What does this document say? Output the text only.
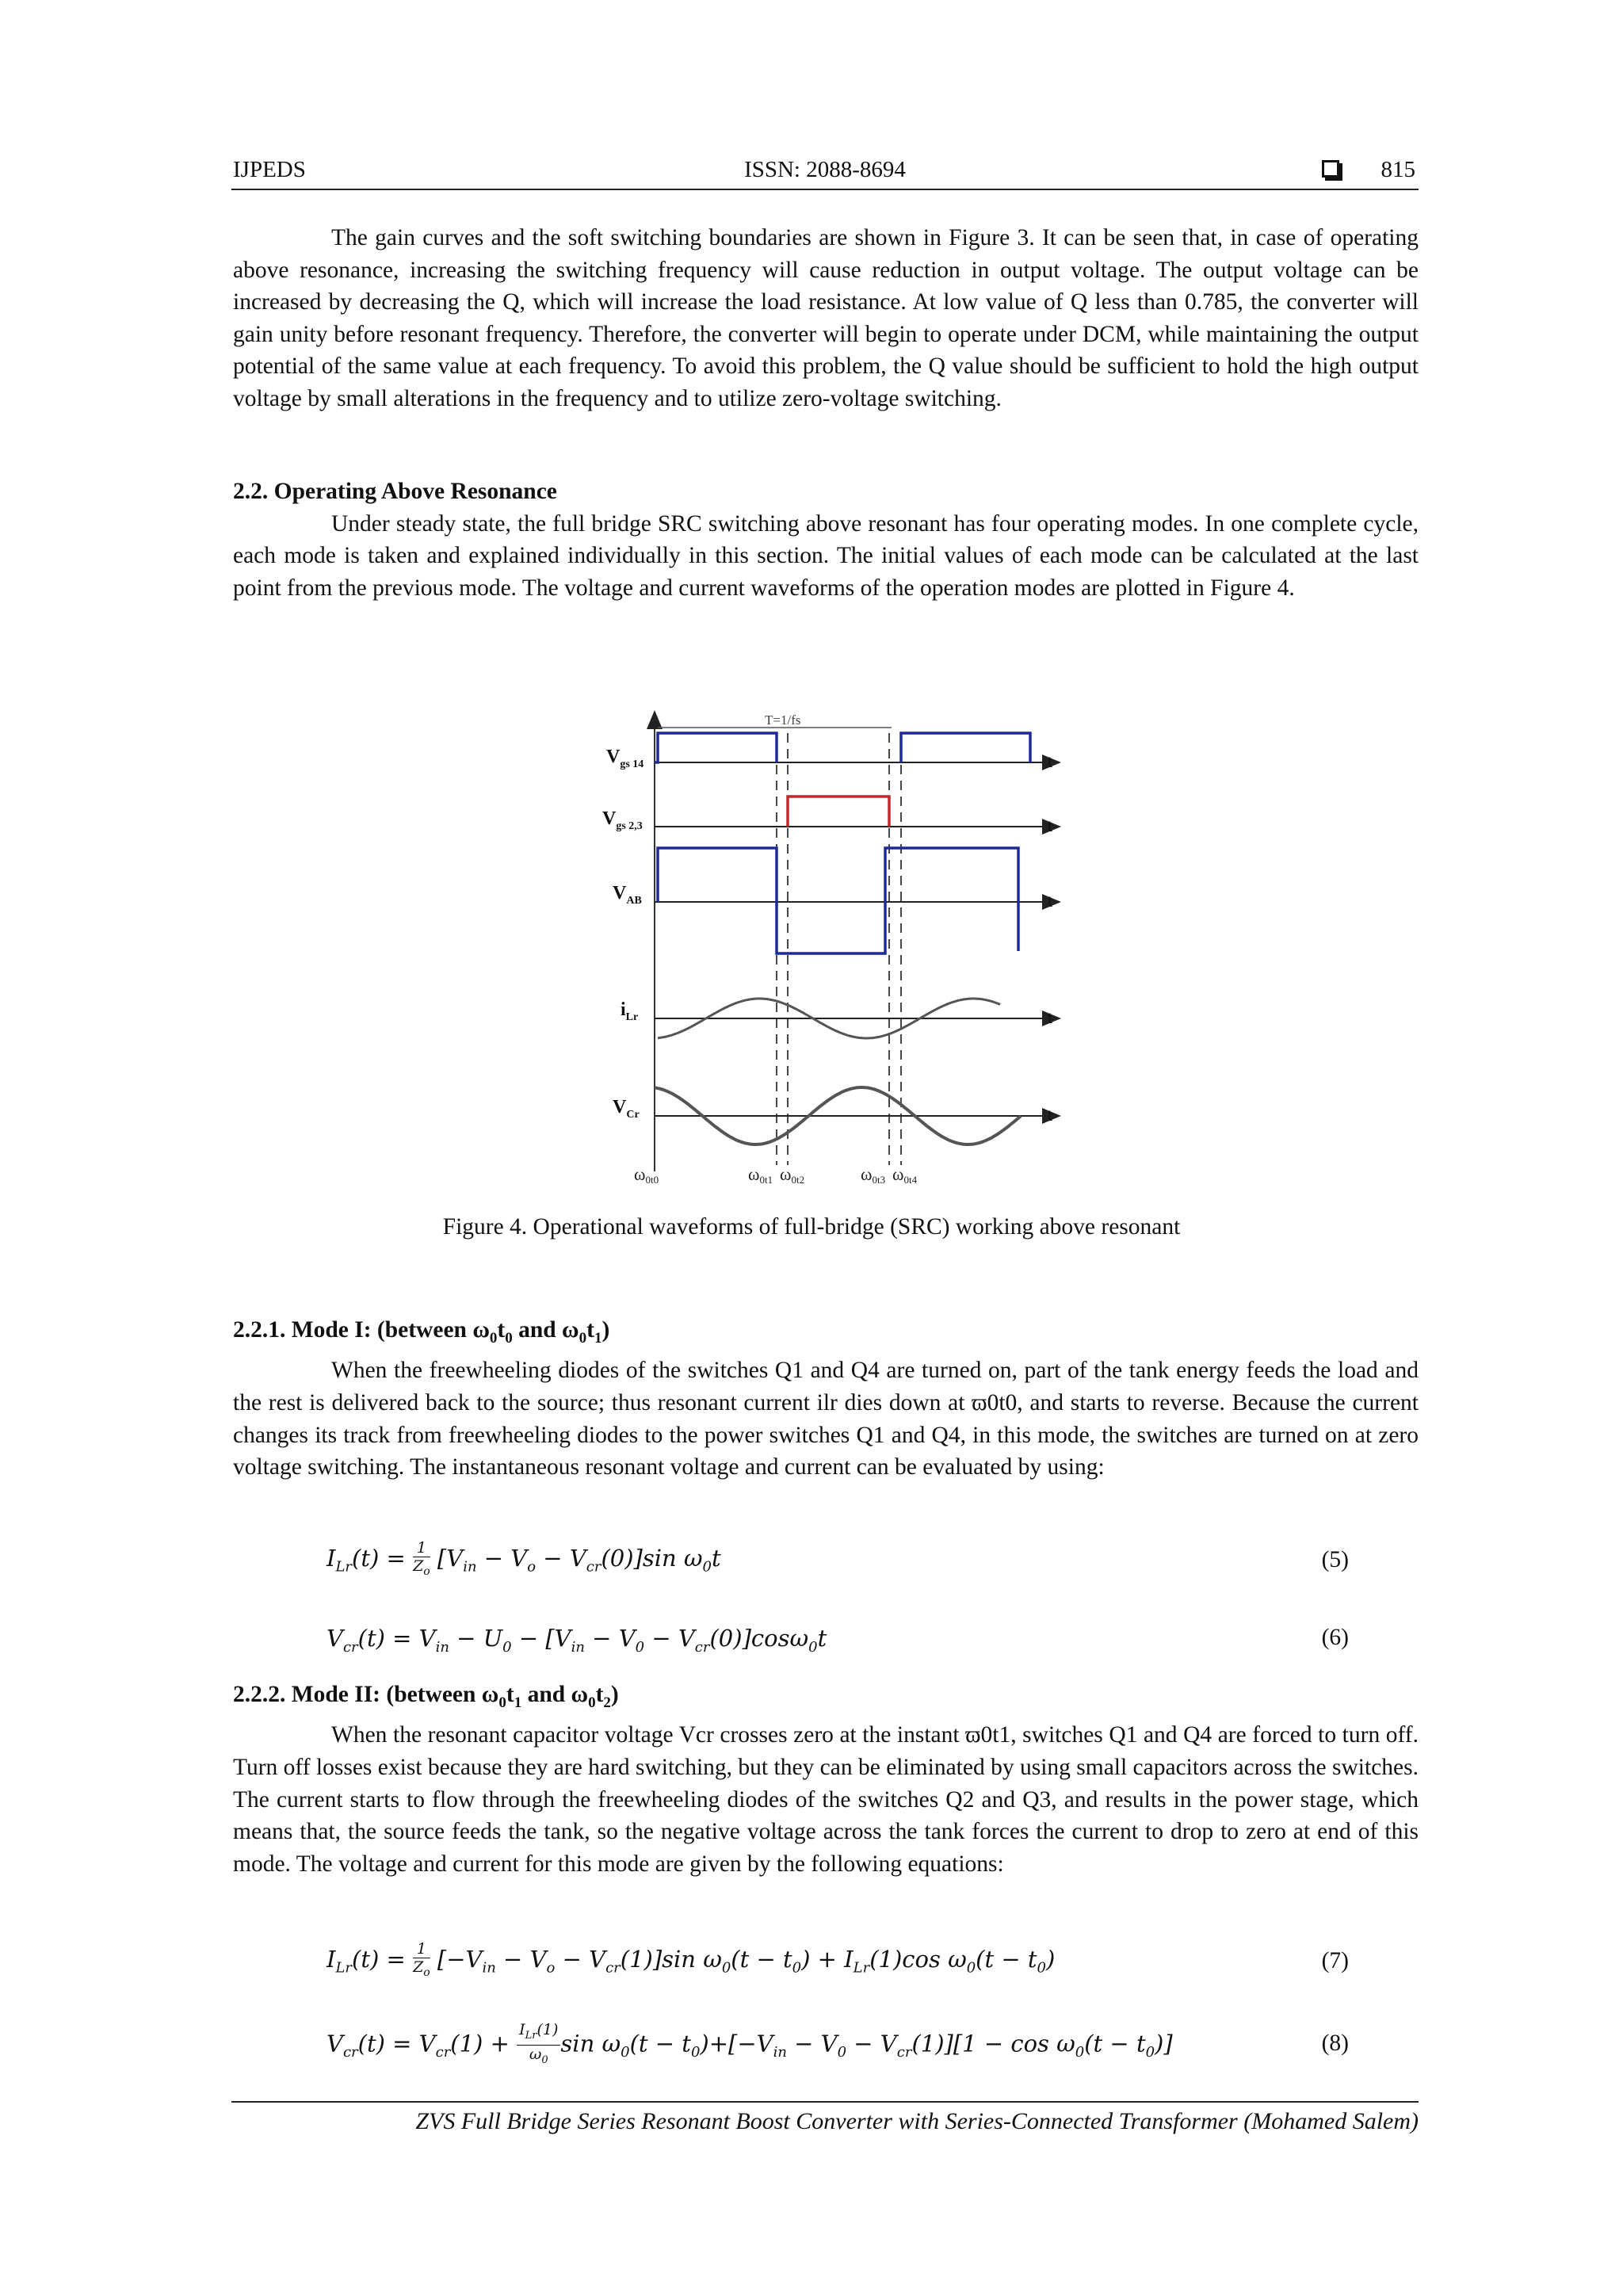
IJPEDS	ISSN: 2088-8694	815

The gain curves and the soft switching boundaries are shown in Figure 3. It can be seen that, in case of operating above resonance, increasing the switching frequency will cause reduction in output voltage. The output voltage can be increased by decreasing the Q, which will increase the load resistance. At low value of Q less than 0.785, the converter will gain unity before resonant frequency. Therefore, the converter will begin to operate under DCM, while maintaining the output potential of the same value at each frequency. To avoid this problem, the Q value should be sufficient to hold the high output voltage by small alterations in the frequency and to utilize zero-voltage switching.

2.2. Operating Above Resonance

Under steady state, the full bridge SRC switching above resonant has four operating modes. In one complete cycle, each mode is taken and explained individually in this section. The initial values of each mode can be calculated at the last point from the previous mode. The voltage and current waveforms of the operation modes are plotted in Figure 4.

T=1/fs
$V_{gs 14}$
$V_{gs 2,3}$
$V_{AB}$
$i_{Lr}$
$V_{Cr}$
t
t
t
t
t
ω0t0	ω0t1 ω0t2	ω0t3 ω0t4
Figure 4. Operational waveforms of full-bridge (SRC) working above resonant

2.2.1. Mode I: (between $\omega_0t_0$ and $\omega_0t_1$)

When the freewheeling diodes of the switches Q1 and Q4 are turned on, part of the tank energy feeds the load and the rest is delivered back to the source; thus resonant current ilr dies down at ϖ0t0, and starts to reverse. Because the current changes its track from freewheeling diodes to the power switches Q1 and Q4, in this mode, the switches are turned on at zero voltage switching. The instantaneous resonant voltage and current can be evaluated by using:

$I_{Lr}(t) = \frac{1}{Z_o} [V_{in} - V_o - V_{cr}(0)]\sin$ $\omega_0t$	(5)
$V_{cr}(t) = V_{in} - U_0 - [V_{in} - V_0 - V_{cr}(0)]\cos\omega_0t$	(6)

2.2.2. Mode II: (between $\omega_0t_1$ and $\omega_0t_2$)

When the resonant capacitor voltage Vcr crosses zero at the instant ϖ0t1, switches Q1 and Q4 are forced to turn off. Turn off losses exist because they are hard switching, but they can be eliminated by using small capacitors across the switches. The current starts to flow through the freewheeling diodes of the switches Q2 and Q3, and results in the power stage, which means that, the source feeds the tank, so the negative voltage across the tank forces the current to drop to zero at end of this mode. The voltage and current for this mode are given by the following equations:

$I_{Lr}(t) = \frac{1}{Z_o} [-V_{in} - V_o - V_{cr}(1)]\sin$ $\omega_0(t - t_0) + I_{Lr}(1)\cos$ $\omega_0(t - t_0)$	(7)
$V_{cr}(t) = V_{cr}(1)$ +
$I_{Lr}(1)$
$\omega_0$
$\sin \omega_0(t - t_0)+[-V_{in} - V_0 - V_{cr}(1)][1 - \cos \omega_0(t - t_0)]$	(8)
ZVS Full Bridge Series Resonant Boost Converter with Series-Connected Transformer (Mohamed Salem)
